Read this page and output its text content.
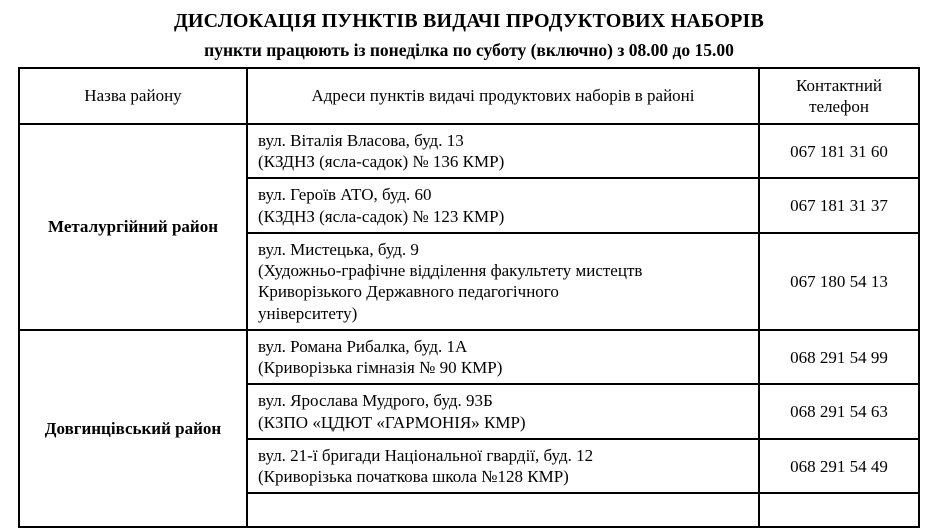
ДИСЛОКАЦІЯ ПУНКТІВ ВИДАЧІ ПРОДУКТОВИХ НАБОРІВ
пункти працюють із понеділка по суботу (включно) з 08.00 до 15.00		

Назва району	Адреси пунктів видачі продуктових наборів в районі	Контактний
телефон

Металургійний район	вул. Віталія Власова, буд. 13
(КЗДНЗ (ясла-садок) № 136 КМР)	067 181 31 60

	вул. Героїв АТО, буд. 60
(КЗДНЗ (ясла-садок) № 123 КМР)	067 181 31 37

	вул. Мистецька, буд. 9
(Художньо-графічне відділення факультету мистецтв
Криворізького Державного педагогічного
університету)	067 180 54 13
Довгинцівський район	вул. Романа Рибалка, буд. 1А
(Криворізька гімназія № 90 КМР)	068 291 54 99

	вул. Ярослава Мудрого, буд. 93Б
(КЗПО «ЦДЮТ «ГАРМОНІЯ» КМР)	068 291 54 63

	вул. 21-ї бригади Національної гвардії, буд. 12
(Криворізька початкова школа №128 КМР)	068 291 54 49
